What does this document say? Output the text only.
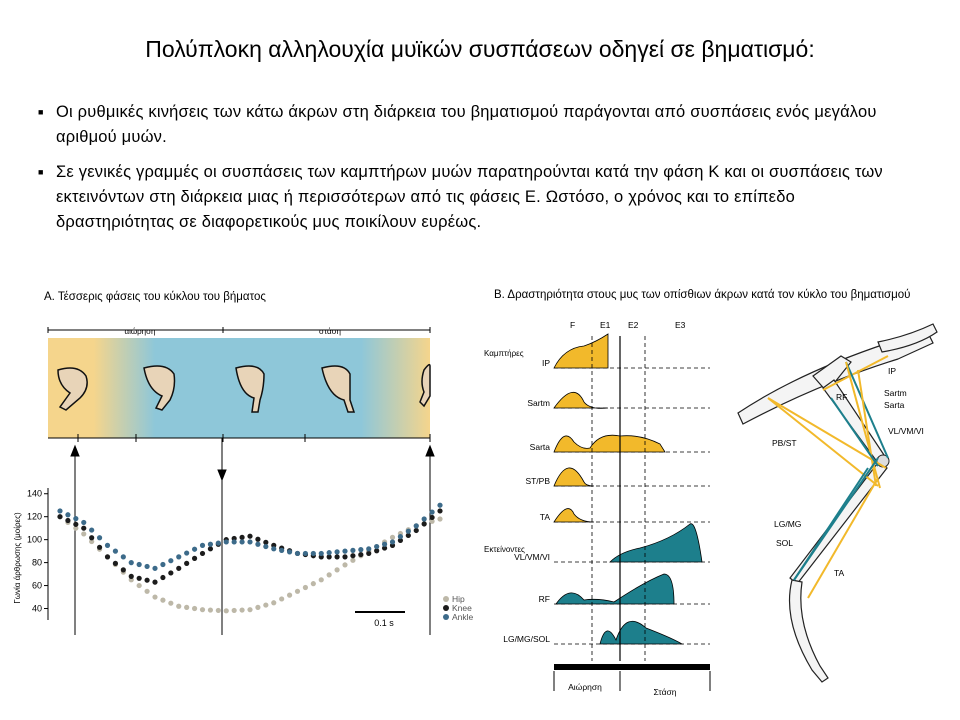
Πολύπλοκη αλληλουχία μυϊκών συσπάσεων οδηγεί σε βηματισμό:
■ Οι ρυθμικές κινήσεις των κάτω άκρων στη διάρκεια του βηματισμού παράγονται από συσπάσεις ενός μεγάλου αριθμού μυών.
■ Σε γενικές γραμμές οι συσπάσεις των καμπτήρων μυών παρατηρούνται κατά την φάση Κ και οι συσπάσεις των εκτεινόντων στη διάρκεια μιας ή περισσότερων από τις φάσεις Ε. Ωστόσο, ο χρόνος και το επίπεδο δραστηριότητας σε διαφορετικούς μυς ποικίλουν ευρέως.
Α. Τέσσερις φάσεις του κύκλου του βήματος
αιώρηση	στάση
F	E1	E2	E3
40
60
80
100
120
140
Γωνία άρθρωσης (μοίρες)
0.1 s
Hip
Knee
Ankle
Β. Δραστηριότητα στους μυς των οπίσθιων άκρων κατά τον κύκλο του βηματισμού
F	E1 E2	E3
Καμπτήρες
Εκτείνοντες
IP
Sartm
Sarta
ST/PB
TA
VL/VM/VI
RF
LG/MG/SOL
Αιώρηση	Στάση
IP
RF	Sartm
Sarta
PB/ST
VL/VM/VI
LG/MG
SOL
TA
